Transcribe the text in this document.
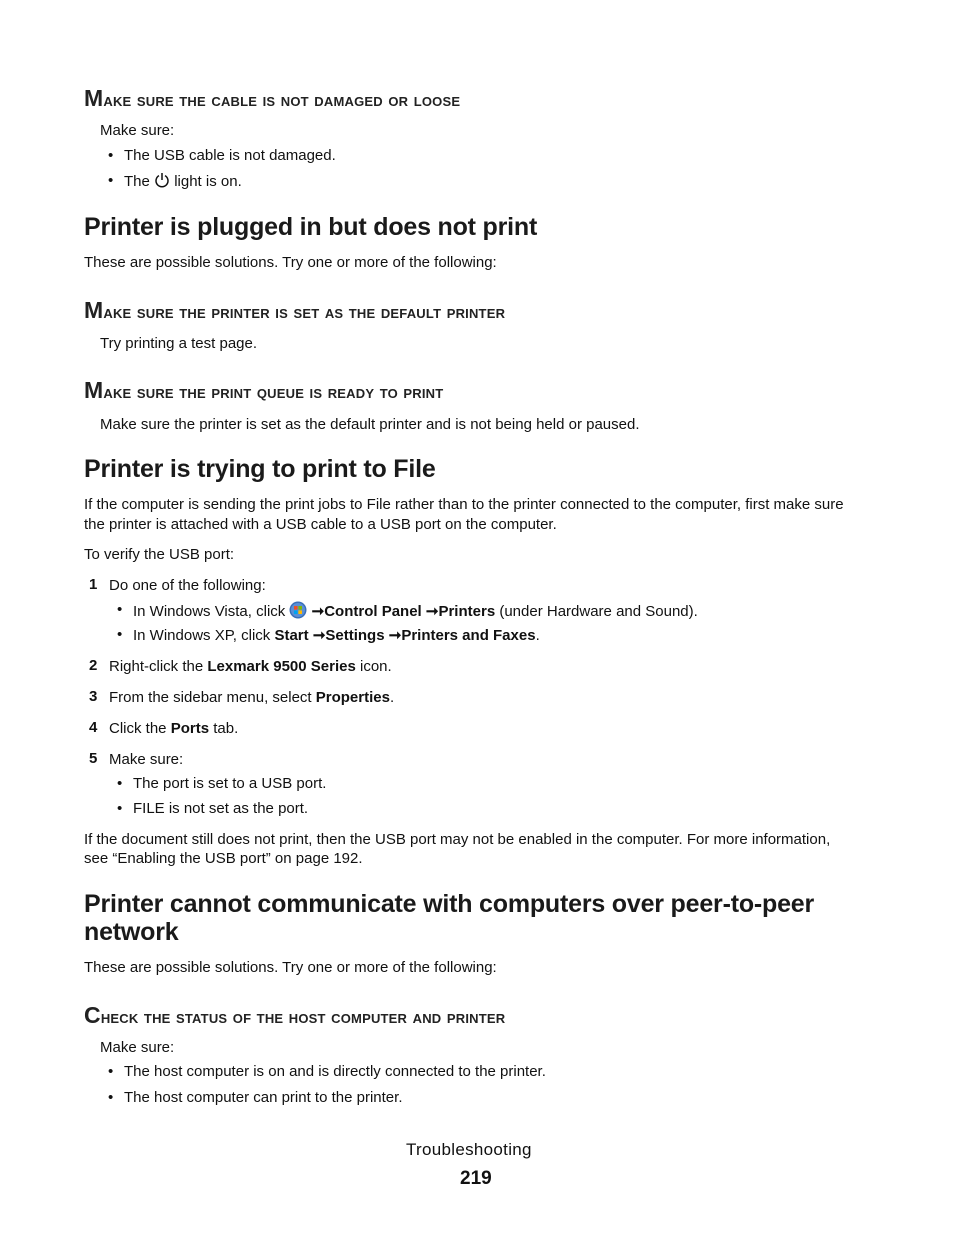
Make sure the cable is not damaged or loose
Make sure:
• The USB cable is not damaged.
• The light is on.
Printer is plugged in but does not print
These are possible solutions. Try one or more of the following:
Make sure the printer is set as the default printer
Try printing a test page.
Make sure the print queue is ready to print
Make sure the printer is set as the default printer and is not being held or paused.
Printer is trying to print to File
If the computer is sending the print jobs to File rather than to the printer connected to the computer, first make sure
the printer is attached with a USB cable to a USB port on the computer.
To verify the USB port:
1 Do one of the following:
• In Windows Vista, click ➞Control Panel ➞Printers (under Hardware and Sound).
• In Windows XP, click Start ➞Settings ➞Printers and Faxes.
2 Right-click the Lexmark 9500 Series icon.
3 From the sidebar menu, select Properties.
4 Click the Ports tab.
5 Make sure:
• The port is set to a USB port.
• FILE is not set as the port.
If the document still does not print, then the USB port may not be enabled in the computer. For more information,
see “Enabling the USB port” on page 192.
Printer cannot communicate with computers over peer-to-peer
network
These are possible solutions. Try one or more of the following:
Check the status of the host computer and printer
Make sure:
• The host computer is on and is directly connected to the printer.
• The host computer can print to the printer.
Troubleshooting
219
